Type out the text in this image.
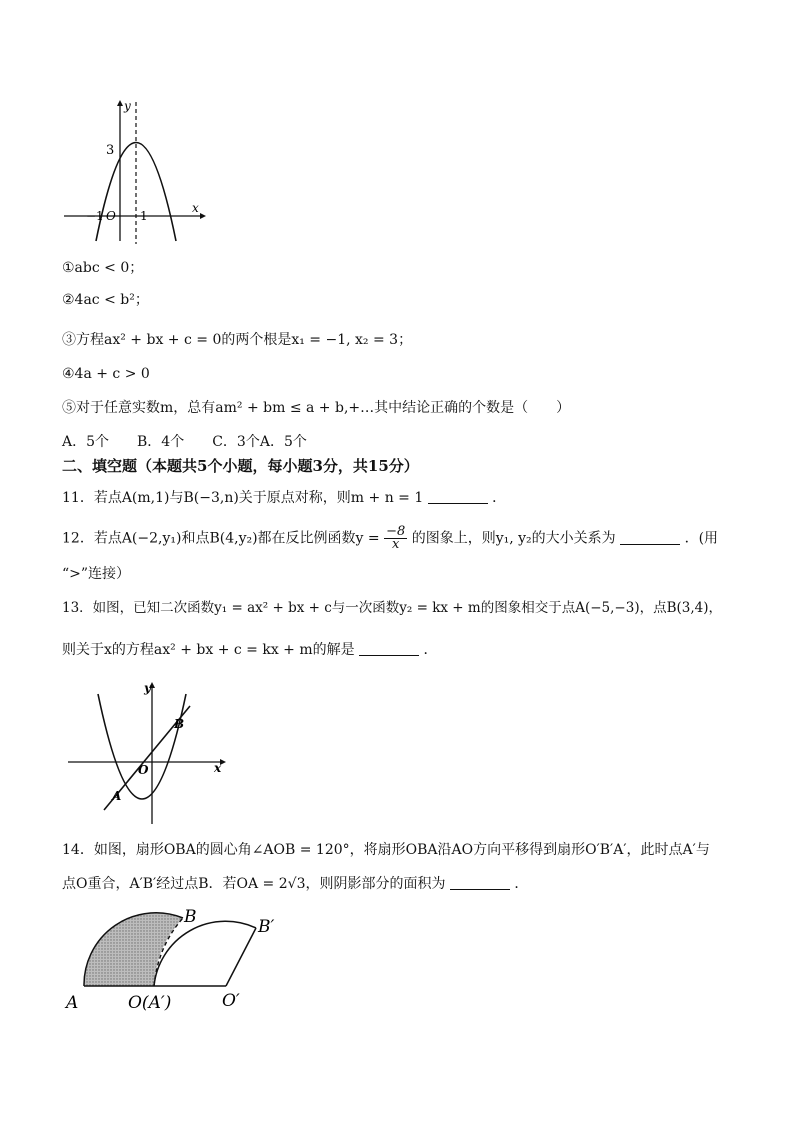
y
x
3
−1 O 1
①abc < 0；
②4ac < b²；
③方程ax² + bx + c = 0的两个根是x₁ = −1, x₂ = 3；
④4a + c > 0
⑤对于任意实数m，总有am² + bm ≤ a + b,+…其中结论正确的个数是（　　）
A．5个　　B．4个　　C．3个A．5个
二、填空题（本题共5个小题，每小题3分，共15分）
11．若点A(m,1)与B(−3,n)关于原点对称，则m + n = 1	．
12．若点A(−2,y₁)和点B(4,y₂)都在反比例函数$y = \frac{-8}{x}$ 的图象上，则y₁, y₂的大小关系为	．(用
“>”连接）
13．如图，已知二次函数y₁ = ax² + bx + c与一次函数y₂ = kx + m的图象相交于点A(−5,−3)，点B(3,4)，
则关于x的方程ax² + bx + c = kx + m的解是	．
y
x
O
A
B
14．如图，扇形OBA的圆心角∠AOB = 120°，将扇形OBA沿AO方向平移得到扇形O′B′A′，此时点A′与
点O重合，A′B′经过点B．若OA = 2√3，则阴影部分的面积为	．
A	O(A′)	O′
B	B′
